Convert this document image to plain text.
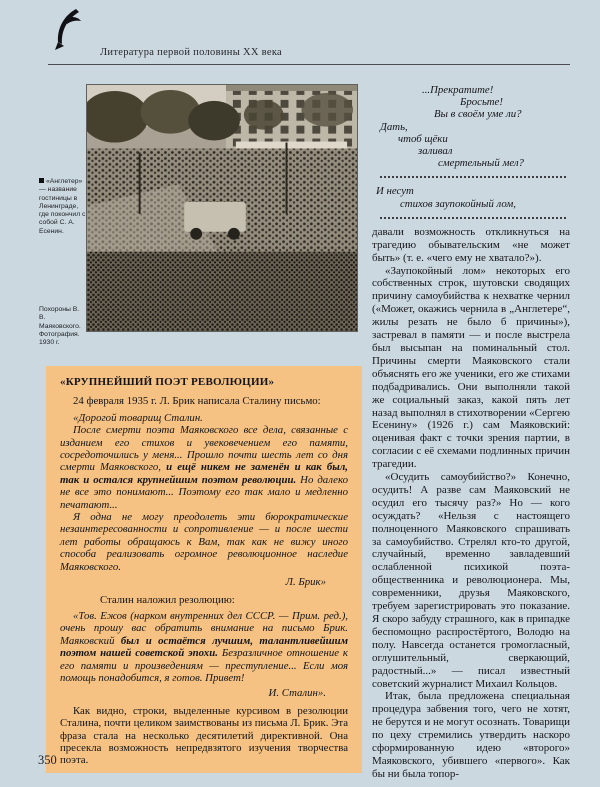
Литература первой половины XX века
«Англетер» — название гостиницы в Ленинграде, где покончил с собой С. А. Есенин.
Похороны В. В. Маяковского. Фотография. 1930 г.
«КРУПНЕЙШИЙ ПОЭТ РЕВОЛЮЦИИ»

24 февраля 1935 г. Л. Брик написала Сталину письмо:

«Дорогой товарищ Сталин.

После смерти поэта Маяковского все дела, связанные с изданием его стихов и увековечением его памяти, сосредоточились у меня... Прошло почти шесть лет со дня смерти Маяковского, и ещё никем не заменён и как был, так и остался крупнейшим поэтом революции. Но далеко не все это понимают... Поэтому его так мало и медленно печатают...

Я одна не могу преодолеть эти бюрократические незаинтересованности и сопротивление — и после шести лет работы обращаюсь к Вам, так как не вижу иного способа реализовать огромное революционное наследие Маяковского.

Л. Брик»

Сталин наложил резолюцию:

«Тов. Ежов (нарком внутренних дел СССР. — Прим. ред.), очень прошу вас обратить внимание на письмо Брик. Маяковский был и остаётся лучшим, талантливейшим поэтом нашей советской эпохи. Безразличное отношение к его памяти и произведениям — преступление... Если моя помощь понадобится, я готов. Привет!

И. Сталин».

Как видно, строки, выделенные курсивом в резолюции Сталина, почти целиком заимствованы из письма Л. Брик. Эта фраза стала на несколько десятилетий директивной. Она пресекла возможность непредвзятого изучения творчества поэта.

...Прекратите!
Бросьте!
Вы в своём уме ли?
Дать,
чтоб щёки
заливал
смертельный мел?
И несут
стихов заупокойный лом,

давали возможность откликнуться на трагедию обывательским «не может быть» (т. е. «чего ему не хватало?»).

«Заупокойный лом» некоторых его собственных строк, шутовски сводящих причину самоубийства к нехватке чернил («Может, окажись чернила в „Англетере“, жилы резать не было б причины»), застревал в памяти — и после выстрела был высыпан на поминальный стол. Причины смерти Маяковского стали объяснять его же ученики, его же стихами подбадривались. Они выполняли такой же социальный заказ, какой пять лет назад выполнял в стихотворении «Сергею Есенину» (1926 г.) сам Маяковский: оценивая факт с точки зрения партии, в согласии с её схемами подлинных причин трагедии.

«Осудить самоубийство?» Конечно, осудить! А разве сам Маяковский не осудил его тысячу раз?» Но — кого осуждать? «Нельзя с настоящего полноценного Маяковского спрашивать за самоубийство. Стрелял кто-то другой, случайный, временно завладевший ослабленной психикой поэта-общественника и революционера. Мы, современники, друзья Маяковского, требуем зарегистрировать это показание. Я скоро забуду страшного, как в припадке беспомощно распростёртого, Володю на полу. Навсегда останется громогласный, оглушительный, сверкающий, радостный...» — писал известный советский журналист Михаил Кольцов.

Итак, была предложена специальная процедура забвения того, чего не хотят, не берутся и не могут осознать. Товарищи по цеху стремились утвердить наскоро сформированную идею «второго» Маяковского, убившего «первого». Как бы ни была топор-

350
